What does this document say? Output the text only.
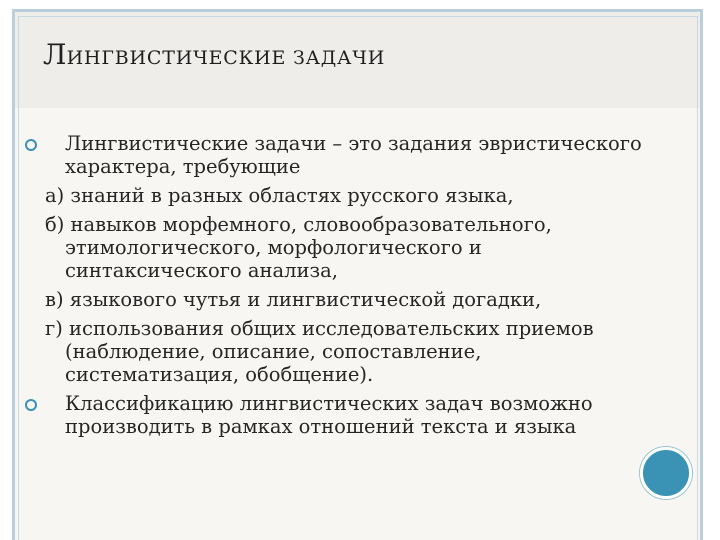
ЛИНГВИСТИЧЕСКИЕ ЗАДАЧИ
Лингвистические задачи – это задания эвристического характера, требующие
а) знаний в разных областях русского языка,
б) навыков морфемного, словообразовательного, этимологического, морфологического и синтаксического анализа,
в) языкового чутья и лингвистической догадки,
г) использования общих исследовательских приемов (наблюдение, описание, сопоставление, систематизация, обобщение).
Классификацию лингвистических задач возможно производить в рамках отношений текста и языка
